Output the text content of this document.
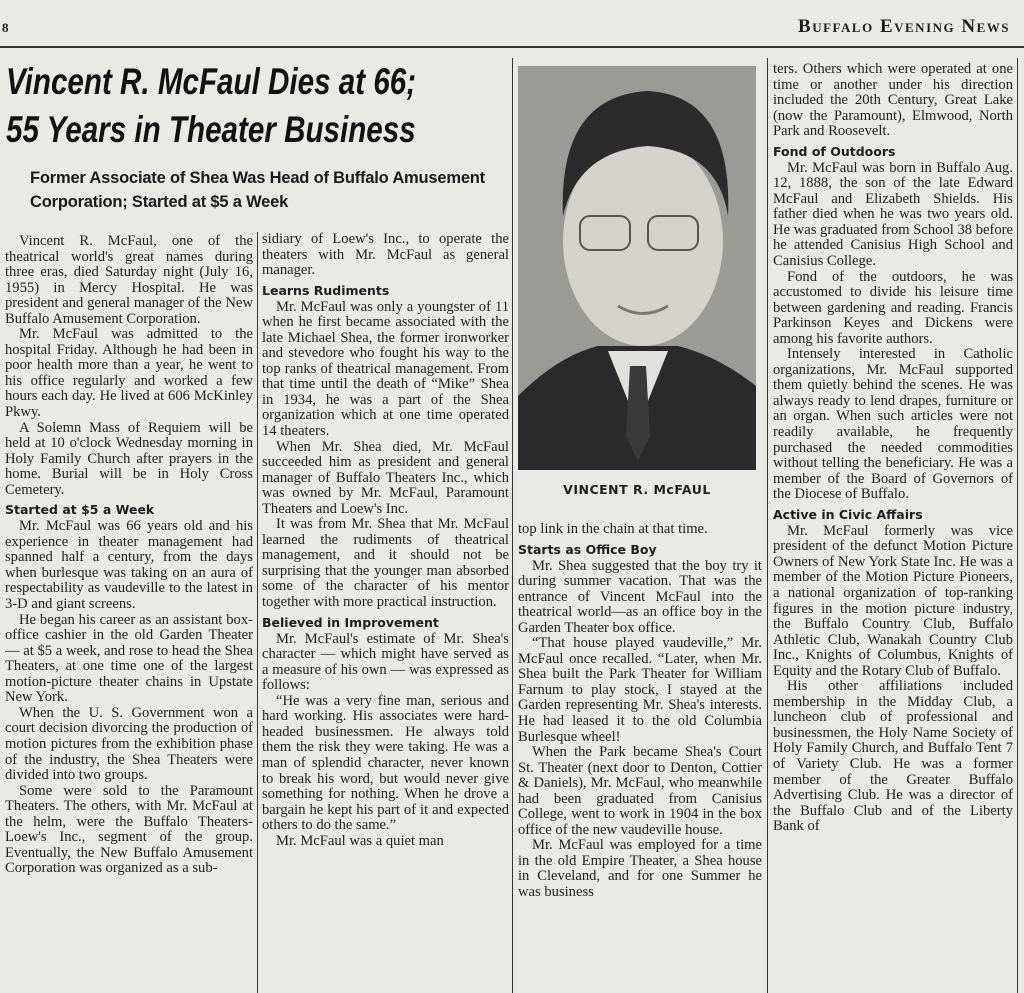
8	Buffalo Evening News
Vincent R. McFaul Dies at 66;
55 Years in Theater Business
Former Associate of Shea Was Head of Buffalo Amusement Corporation; Started at $5 a Week

Vincent R. McFaul, one of the theatrical world's great names during three eras, died Saturday night (July 16, 1955) in Mercy Hospital. He was president and general manager of the New Buffalo Amusement Corporation.

Mr. McFaul was admitted to the hospital Friday. Although he had been in poor health more than a year, he went to his office regularly and worked a few hours each day. He lived at 606 McKinley Pkwy.

A Solemn Mass of Requiem will be held at 10 o'clock Wednesday morning in Holy Family Church after prayers in the home. Burial will be in Holy Cross Cemetery.

Started at $5 a Week

Mr. McFaul was 66 years old and his experience in theater management had spanned half a century, from the days when burlesque was taking on an aura of respectability as vaudeville to the latest in 3-D and giant screens.

He began his career as an assistant box-office cashier in the old Garden Theater — at $5 a week, and rose to head the Shea Theaters, at one time one of the largest motion-picture theater chains in Upstate New York.

When the U. S. Government won a court decision divorcing the production of motion pictures from the exhibition phase of the industry, the Shea Theaters were divided into two groups.

Some were sold to the Paramount Theaters. The others, with Mr. McFaul at the helm, were the Buffalo Theaters-Loew's Inc., segment of the group. Eventually, the New Buffalo Amusement Corporation was organized as a sub-

sidiary of Loew's Inc., to operate the theaters with Mr. McFaul as general manager.

Learns Rudiments

Mr. McFaul was only a youngster of 11 when he first became associated with the late Michael Shea, the former ironworker and stevedore who fought his way to the top ranks of theatrical management. From that time until the death of “Mike” Shea in 1934, he was a part of the Shea organization which at one time operated 14 theaters.

When Mr. Shea died, Mr. McFaul succeeded him as president and general manager of Buffalo Theaters Inc., which was owned by Mr. McFaul, Paramount Theaters and Loew's Inc.

It was from Mr. Shea that Mr. McFaul learned the rudiments of theatrical management, and it should not be surprising that the younger man absorbed some of the character of his mentor together with more practical instruction.

Believed in Improvement

Mr. McFaul's estimate of Mr. Shea's character — which might have served as a measure of his own — was expressed as follows:

“He was a very fine man, serious and hard working. His associates were hard-headed businessmen. He always told them the risk they were taking. He was a man of splendid character, never known to break his word, but would never give something for nothing. When he drove a bargain he kept his part of it and expected others to do the same.”

Mr. McFaul was a quiet man

VINCENT R. McFAUL

top link in the chain at that time.

Starts as Office Boy

Mr. Shea suggested that the boy try it during summer vacation. That was the entrance of Vincent McFaul into the theatrical world—as an office boy in the Garden Theater box office.

“That house played vaudeville,” Mr. McFaul once recalled. “Later, when Mr. Shea built the Park Theater for William Farnum to play stock, I stayed at the Garden representing Mr. Shea's interests. He had leased it to the old Columbia Burlesque wheel!

When the Park became Shea's Court St. Theater (next door to Denton, Cottier & Daniels), Mr. McFaul, who meanwhile had been graduated from Canisius College, went to work in 1904 in the box office of the new vaudeville house.

Mr. McFaul was employed for a time in the old Empire Theater, a Shea house in Cleveland, and for one Summer he was business

ters. Others which were operated at one time or another under his direction included the 20th Century, Great Lake (now the Paramount), Elmwood, North Park and Roosevelt.

Fond of Outdoors

Mr. McFaul was born in Buffalo Aug. 12, 1888, the son of the late Edward McFaul and Elizabeth Shields. His father died when he was two years old. He was graduated from School 38 before he attended Canisius High School and Canisius College.

Fond of the outdoors, he was accustomed to divide his leisure time between gardening and reading. Francis Parkinson Keyes and Dickens were among his favorite authors.

Intensely interested in Catholic organizations, Mr. McFaul supported them quietly behind the scenes. He was always ready to lend drapes, furniture or an organ. When such articles were not readily available, he frequently purchased the needed commodities without telling the beneficiary. He was a member of the Board of Governors of the Diocese of Buffalo.

Active in Civic Affairs

Mr. McFaul formerly was vice president of the defunct Motion Picture Owners of New York State Inc. He was a member of the Motion Picture Pioneers, a national organization of top-ranking figures in the motion picture industry, the Buffalo Country Club, Buffalo Athletic Club, Wanakah Country Club Inc., Knights of Columbus, Knights of Equity and the Rotary Club of Buffalo.

His other affiliations included membership in the Midday Club, a luncheon club of professional and businessmen, the Holy Name Society of Holy Family Church, and Buffalo Tent 7 of Variety Club. He was a former member of the Greater Buffalo Advertising Club. He was a director of the Buffalo Club and of the Liberty Bank of
